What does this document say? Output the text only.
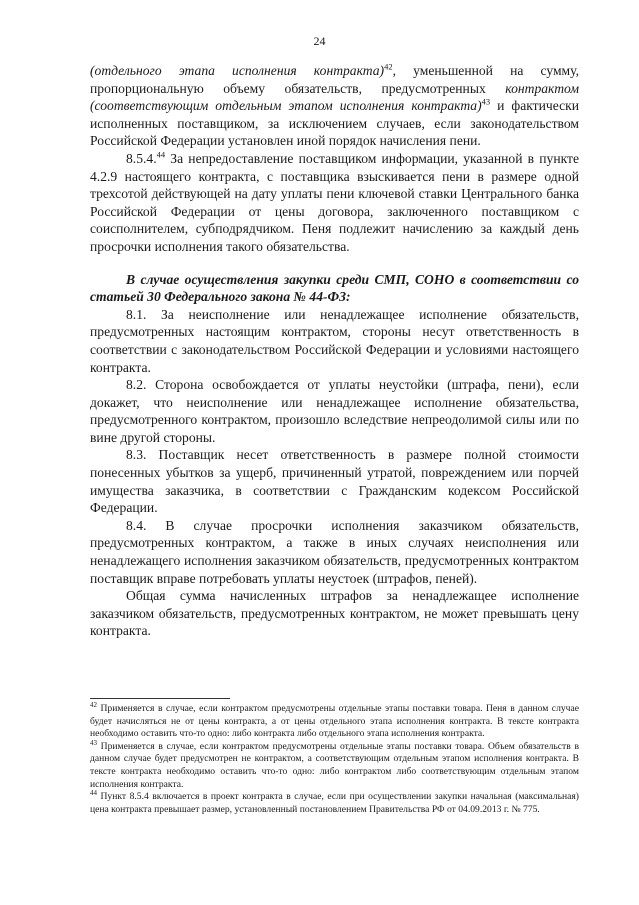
24

(отдельного этапа исполнения контракта)$^{42}$, уменьшенной на сумму, пропорциональную объему обязательств, предусмотренных контрактом (соответствующим отдельным этапом исполнения контракта)$^{43}$ и фактически исполненных поставщиком, за исключением случаев, если законодательством Российской Федерации установлен иной порядок начисления пени.

8.5.4.44 За непредоставление поставщиком информации, указанной в пункте 4.2.9 настоящего контракта, с поставщика взыскивается пени в размере одной трехсотой действующей на дату уплаты пени ключевой ставки Центрального банка Российской Федерации от цены договора, заключенного поставщиком с соисполнителем, субподрядчиком. Пеня подлежит начислению за каждый день просрочки исполнения такого обязательства.

В случае осуществления закупки среди СМП, СОНО в соответствии со статьей 30 Федерального закона № 44-ФЗ:

8.1. За неисполнение или ненадлежащее исполнение обязательств, предусмотренных настоящим контрактом, стороны несут ответственность в соответствии с законодательством Российской Федерации и условиями настоящего контракта.

8.2. Сторона освобождается от уплаты неустойки (штрафа, пени), если докажет, что неисполнение или ненадлежащее исполнение обязательства, предусмотренного контрактом, произошло вследствие непреодолимой силы или по вине другой стороны.

8.3. Поставщик несет ответственность в размере полной стоимости понесенных убытков за ущерб, причиненный утратой, повреждением или порчей имущества заказчика, в соответствии с Гражданским кодексом Российской Федерации.

8.4. В случае просрочки исполнения заказчиком обязательств, предусмотренных контрактом, а также в иных случаях неисполнения или ненадлежащего исполнения заказчиком обязательств, предусмотренных контрактом поставщик вправе потребовать уплаты неустоек (штрафов, пеней).

Общая сумма начисленных штрафов за ненадлежащее исполнение заказчиком обязательств, предусмотренных контрактом, не может превышать цену контракта.

$^{42}$ Применяется в случае, если контрактом предусмотрены отдельные этапы поставки товара. Пеня в данном случае будет начисляться не от цены контракта, а от цены отдельного этапа исполнения контракта. В тексте контракта необходимо оставить что-то одно: либо контракта либо отдельного этапа исполнения контракта.

$^{43}$ Применяется в случае, если контрактом предусмотрены отдельные этапы поставки товара. Объем обязательств в данном случае будет предусмотрен не контрактом, а соответствующим отдельным этапом исполнения контракта. В тексте контракта необходимо оставить что-то одно: либо контрактом либо соответствующим отдельным этапом исполнения контракта.

$^{44}$ Пункт 8.5.4 включается в проект контракта в случае, если при осуществлении закупки начальная (максимальная) цена контракта превышает размер, установленный постановлением Правительства РФ от 04.09.2013 г. № 775.
